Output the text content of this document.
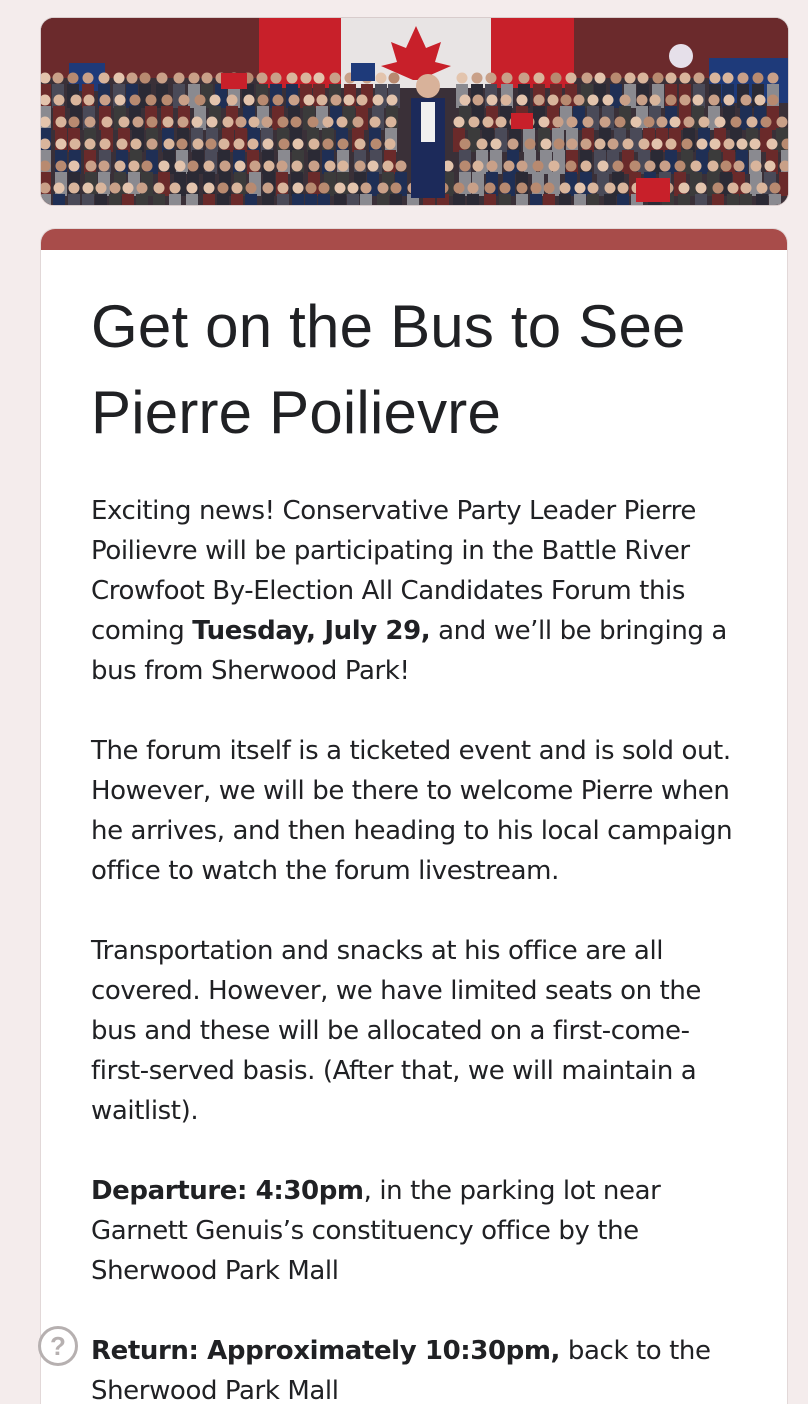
Get on the Bus to See
Pierre Poilievre

Exciting news! Conservative Party Leader Pierre Poilievre will be participating in the Battle River Crowfoot By-Election All Candidates Forum this coming Tuesday, July 29, and we’ll be bringing a bus from Sherwood Park!

The forum itself is a ticketed event and is sold out. However, we will be there to welcome Pierre when he arrives, and then heading to his local campaign office to watch the forum livestream.

Transportation and snacks at his office are all covered. However, we have limited seats on the bus and these will be allocated on a first-come-first-served basis. (After that, we will maintain a waitlist).

Departure: 4:30pm, in the parking lot near Garnett Genuis’s constituency office by the Sherwood Park Mall

Return: Approximately 10:30pm, back to the Sherwood Park Mall

?
